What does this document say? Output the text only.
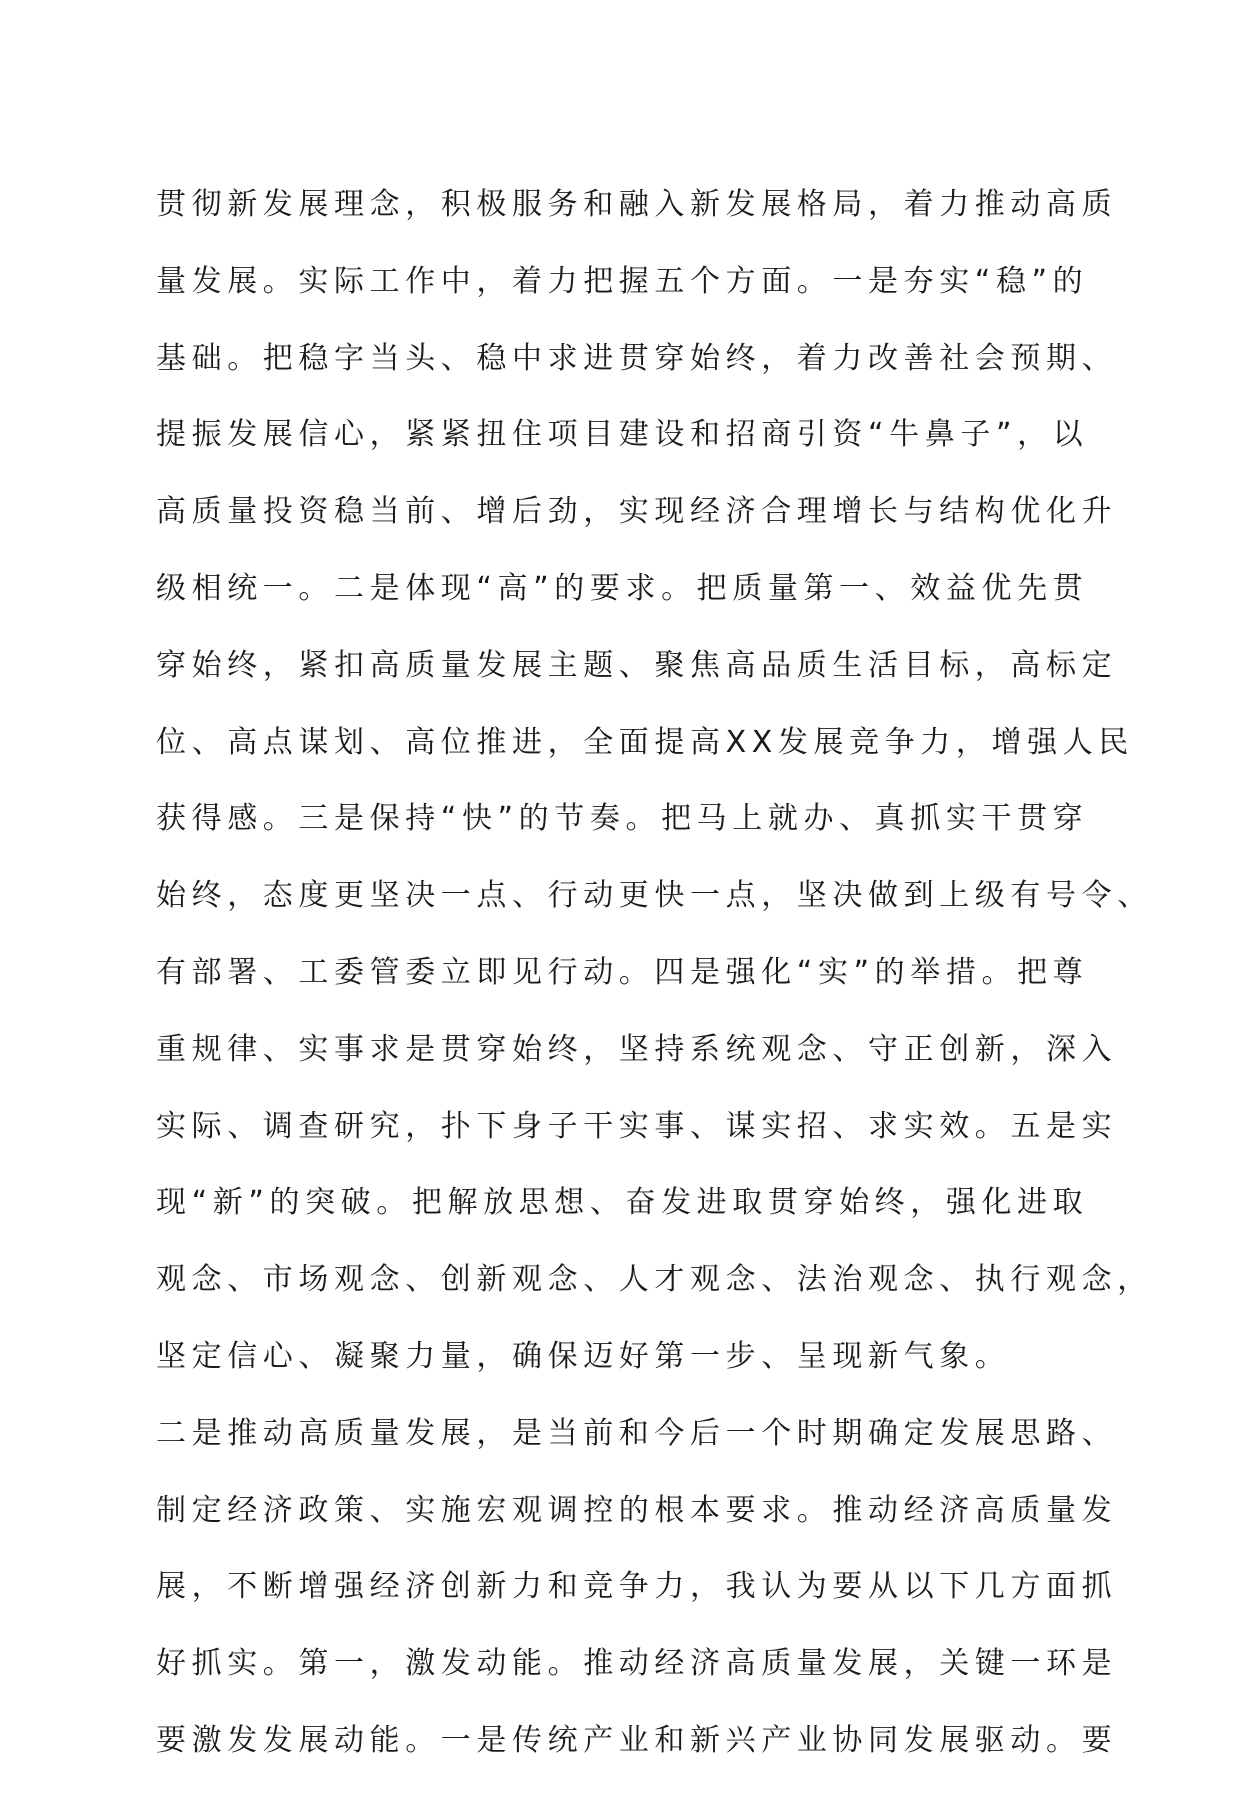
贯彻新发展理念，积极服务和融入新发展格局，着力推动高质
量发展。实际工作中，着力把握五个方面。一是夯实“稳”的
基础。把稳字当头、稳中求进贯穿始终，着力改善社会预期、
提振发展信心，紧紧扭住项目建设和招商引资“牛鼻子”，以
高质量投资稳当前、增后劲，实现经济合理增长与结构优化升
级相统一。二是体现“高”的要求。把质量第一、效益优先贯
穿始终，紧扣高质量发展主题、聚焦高品质生活目标，高标定
位、高点谋划、高位推进，全面提高XX发展竞争力，增强人民
获得感。三是保持“快”的节奏。把马上就办、真抓实干贯穿
始终，态度更坚决一点、行动更快一点，坚决做到上级有号令、
有部署、工委管委立即见行动。四是强化“实”的举措。把尊
重规律、实事求是贯穿始终，坚持系统观念、守正创新，深入
实际、调查研究，扑下身子干实事、谋实招、求实效。五是实
现“新”的突破。把解放思想、奋发进取贯穿始终，强化进取
观念、市场观念、创新观念、人才观念、法治观念、执行观念，
坚定信心、凝聚力量，确保迈好第一步、呈现新气象。
二是推动高质量发展，是当前和今后一个时期确定发展思路、
制定经济政策、实施宏观调控的根本要求。推动经济高质量发
展，不断增强经济创新力和竞争力，我认为要从以下几方面抓
好抓实。第一，激发动能。推动经济高质量发展，关键一环是
要激发发展动能。一是传统产业和新兴产业协同发展驱动。要
